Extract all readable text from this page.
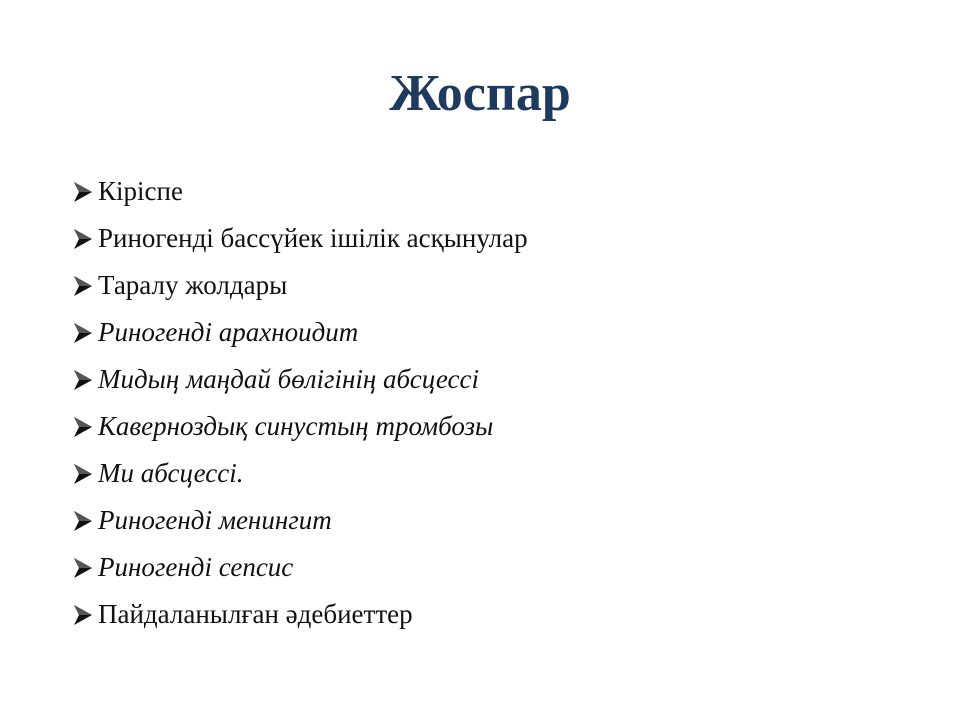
Жоспар
Кіріспе
Риногенді бассүйек ішілік асқынулар
Таралу жолдары
Риногенді арахноидит
Мидың маңдай бөлігінің абсцессі
Каверноздық синустың тромбозы
Ми абсцессі.
Риногенді менингит
Риногенді сепсис
Пайдаланылған әдебиеттер
